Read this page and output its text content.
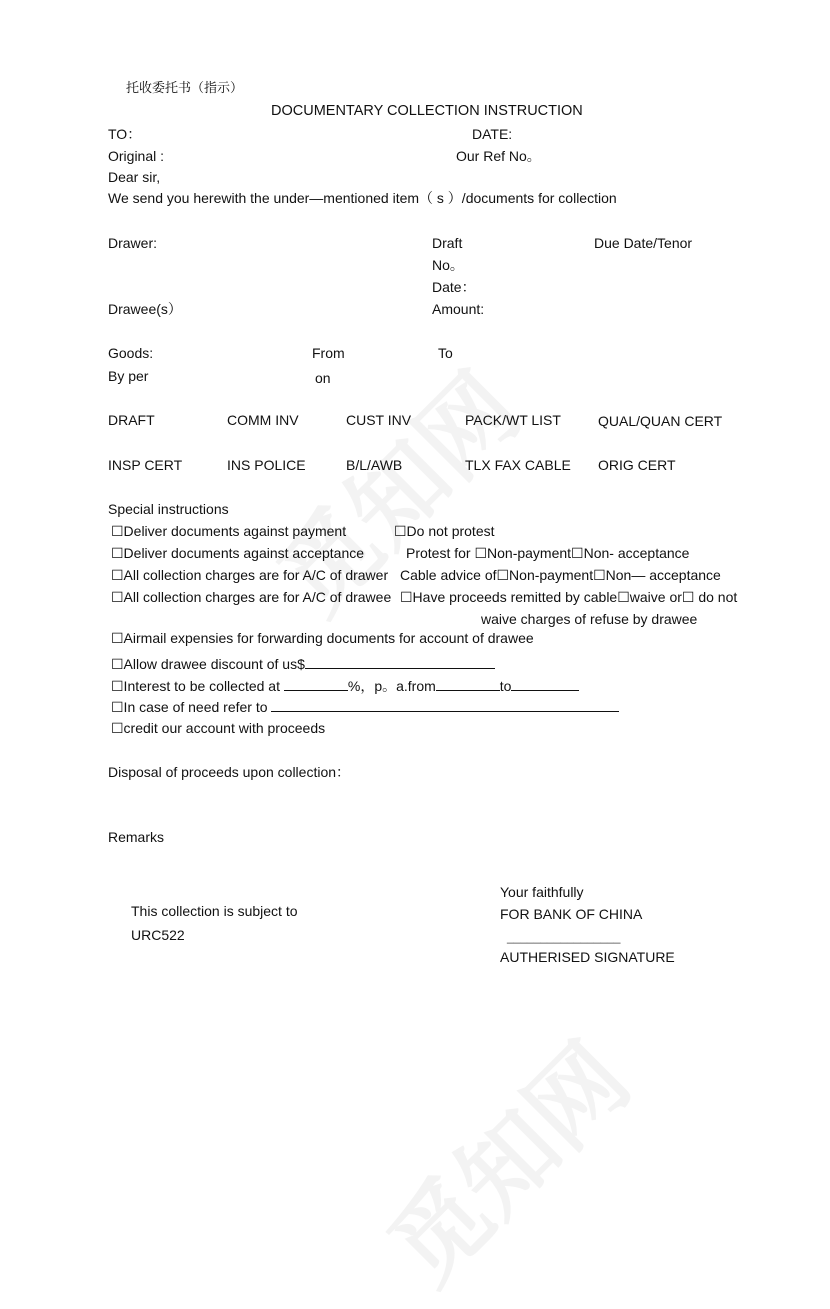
托收委托书（指示）
DOCUMENTARY COLLECTION INSTRUCTION
TO：	DATE:
Original :	Our Ref No。
Dear sir,
We send you herewith the under—mentioned item（ s ）/documents for collection
Drawer:	Draft	Due Date/Tenor
No。
Date：
Drawee(s）	Amount:
Goods:	From	To
By per	on
DRAFT	COMM INV	CUST INV	PACK/WT LIST	QUAL/QUAN CERT
INSP CERT	INS POLICE	B/L/AWB	TLX FAX CABLE ORIG CERT
Special instructions
☐Deliver documents against payment	☐Do not protest
☐Deliver documents against acceptance	Protest for ☐Non-payment☐Non- acceptance
☐All collection charges are for A/C of drawer Cable advice of☐Non-payment☐Non— acceptance
☐All collection charges are for A/C of drawee ☐Have proceeds remitted by cable☐waive or☐ do not
waive charges of refuse by drawee
☐Airmail expensies for forwarding documents for account of drawee
☐Allow drawee discount of us$
☐Interest to be collected at	%，p。a.from	to
☐In case of need refer to
☐credit our account with proceeds
Disposal of proceeds upon collection：
Remarks
This collection is subject to
URC522
Your faithfully
FOR BANK OF CHINA
_________________
AUTHERISED SIGNATURE
